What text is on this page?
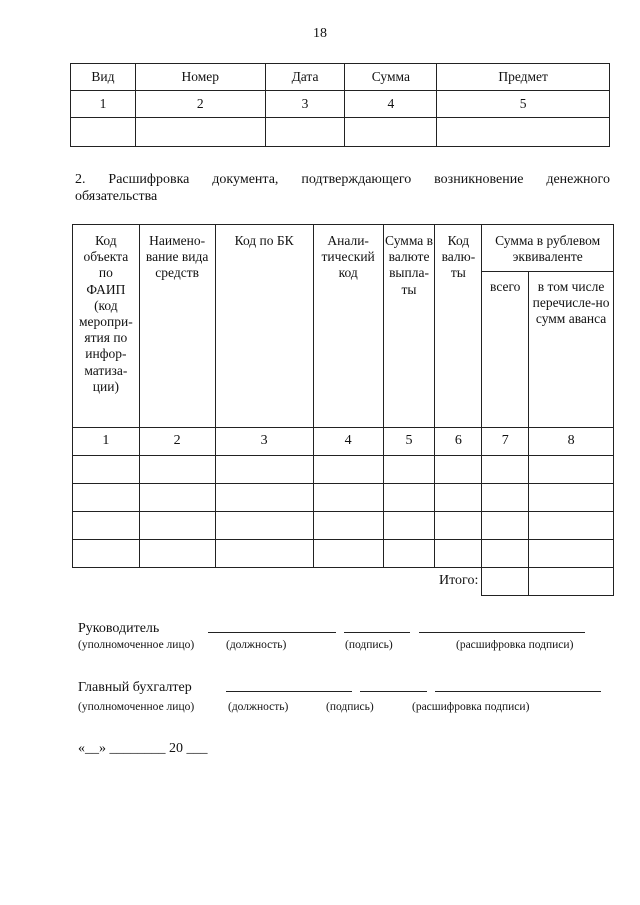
18
Вид	Номер	Дата	Сумма	Предмет
1	2	3	4	5

2. Расшифровка документа, подтверждающего возникновение денежного
обязательства
Код объекта по ФАИП (код меропри-ятия по инфор-матиза-ции)	Наимено-вание вида средств	Код по БК	Анали-тический код	Сумма в валюте выпла-ты	Код валю-ты	Сумма в рублевом эквиваленте	
						всего	в том числе перечисле-но сумм аванса
1	2	3	4	5	6	7	8

Итого:							
Руководитель
(уполномоченное лицо)	(должность)	(подпись)	(расшифровка подписи)
Главный бухгалтер
(уполномоченное лицо)	(должность)	(подпись)	(расшифровка подписи)
«__» ________ 20 ___
